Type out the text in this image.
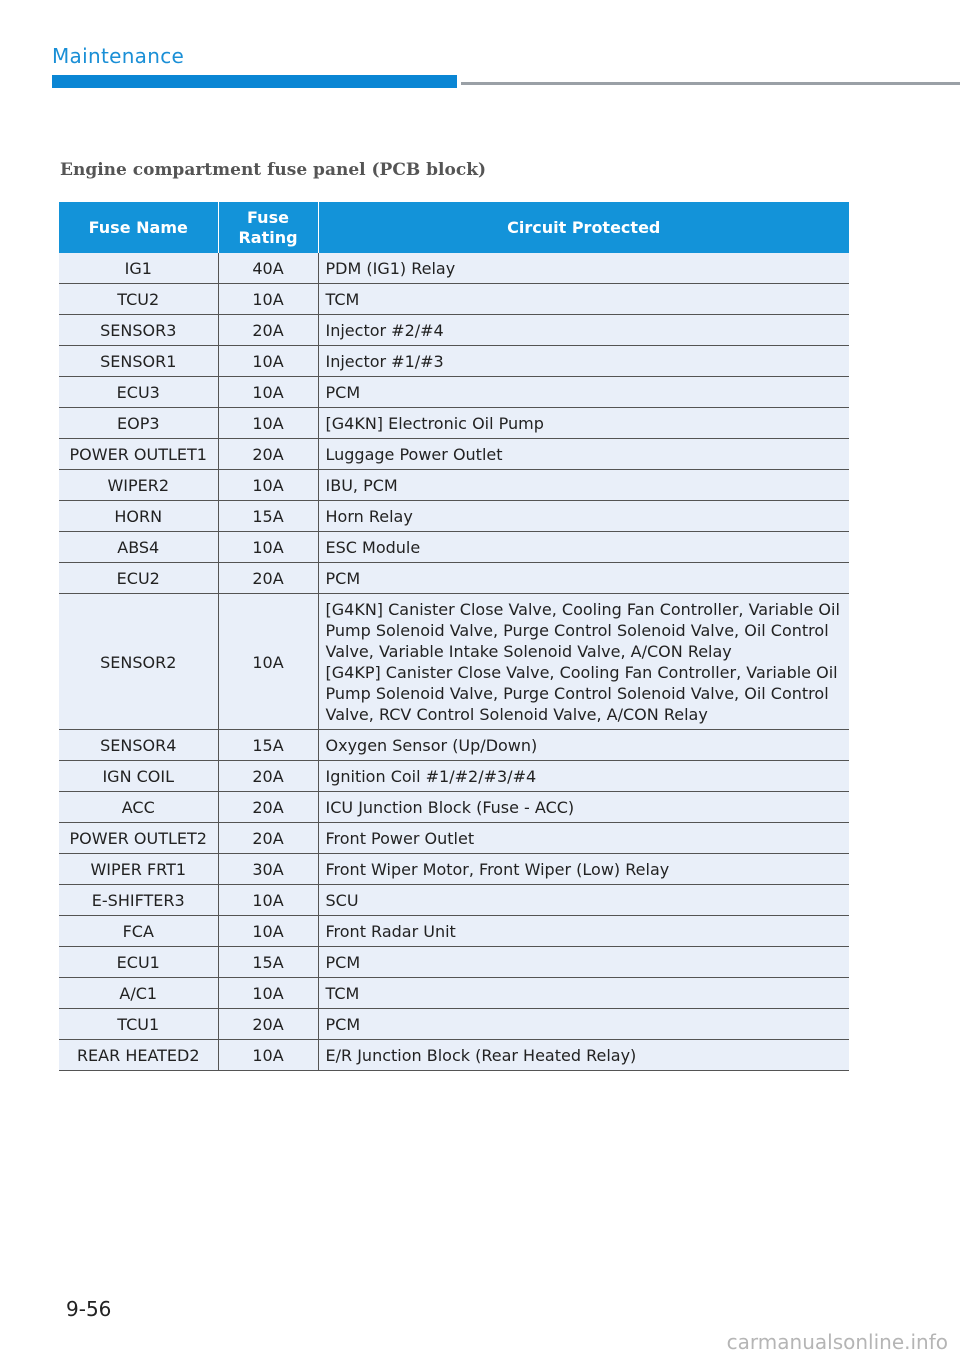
Maintenance
Engine compartment fuse panel (PCB block)
Fuse Name	Fuse Rating	Circuit Protected
IG1	40A	PDM (IG1) Relay
TCU2	10A	TCM
SENSOR3	20A	Injector #2/#4
SENSOR1	10A	Injector #1/#3
ECU3	10A	PCM
EOP3	10A	[G4KN] Electronic Oil Pump
POWER OUTLET1	20A	Luggage Power Outlet
WIPER2	10A	IBU, PCM
HORN	15A	Horn Relay
ABS4	10A	ESC Module
ECU2	20A	PCM
SENSOR2	10A	[G4KN] Canister Close Valve, Cooling Fan Controller, Variable Oil Pump Solenoid Valve, Purge Control Solenoid Valve, Oil Control Valve, Variable Intake Solenoid Valve, A/CON Relay
[G4KP] Canister Close Valve, Cooling Fan Controller, Variable Oil Pump Solenoid Valve, Purge Control Solenoid Valve, Oil Control Valve, RCV Control Solenoid Valve, A/CON Relay

SENSOR4	15A	Oxygen Sensor (Up/Down)
IGN COIL	20A	Ignition Coil #1/#2/#3/#4
ACC	20A	ICU Junction Block (Fuse - ACC)
POWER OUTLET2	20A	Front Power Outlet
WIPER FRT1	30A	Front Wiper Motor, Front Wiper (Low) Relay
E-SHIFTER3	10A	SCU
FCA	10A	Front Radar Unit
ECU1	15A	PCM
A/C1	10A	TCM
TCU1	20A	PCM
REAR HEATED2	10A	E/R Junction Block (Rear Heated Relay)
9-56
carmanualsonline.info
